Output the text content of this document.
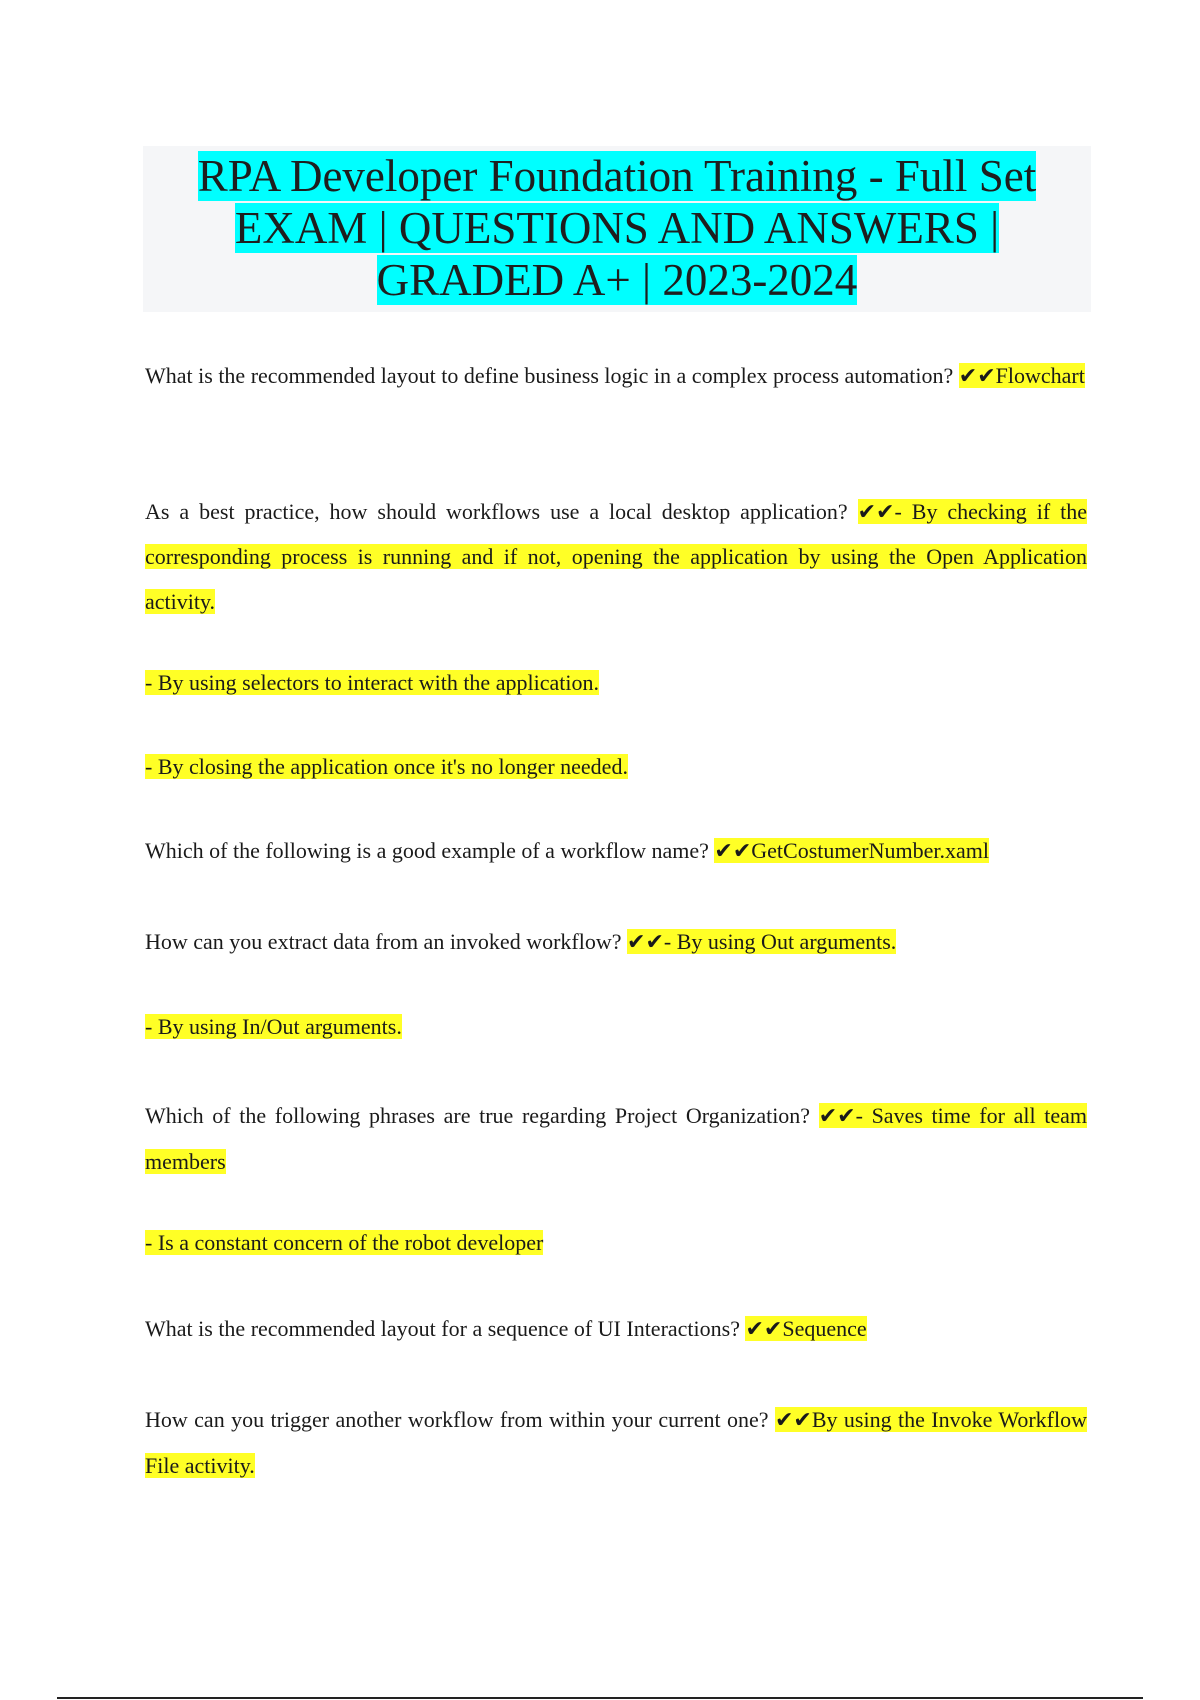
RPA Developer Foundation Training - Full Set EXAM | QUESTIONS AND ANSWERS | GRADED A+ | 2023-2024
What is the recommended layout to define business logic in a complex process automation? ✔✔Flowchart
As a best practice, how should workflows use a local desktop application? ✔✔- By checking if the corresponding process is running and if not, opening the application by using the Open Application activity.
- By using selectors to interact with the application.
- By closing the application once it's no longer needed.
Which of the following is a good example of a workflow name? ✔✔GetCostumerNumber.xaml
How can you extract data from an invoked workflow? ✔✔- By using Out arguments.
- By using In/Out arguments.
Which of the following phrases are true regarding Project Organization? ✔✔- Saves time for all team members
- Is a constant concern of the robot developer
What is the recommended layout for a sequence of UI Interactions? ✔✔Sequence
How can you trigger another workflow from within your current one? ✔✔By using the Invoke Workflow File activity.
